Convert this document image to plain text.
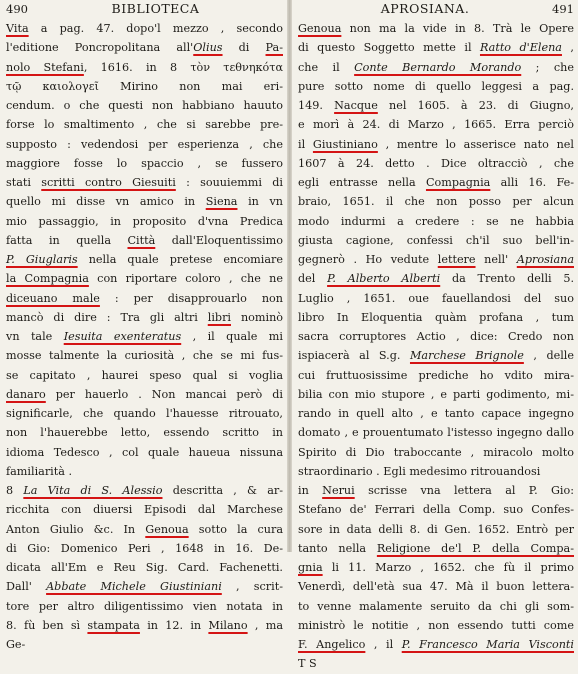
490	BIBLIOTECA
Vita a pag. 47. dopo'l mezzo , secondo
l'editione Poncropolitana all'Olius di Pa-
nolo Stefani, 1616. in 8 τὸν τεθνηκότα
τῷ καιολογεῖ Mirino non mai eri-
cendum. o che questi non habbiano hauuto
forse lo smaltimento , che si sarebbe pre-
supposto : vedendosi per esperienza , che
maggiore fosse lo spaccio , se fussero
stati scritti contro Giesuiti : souuiemmi di
quello mi disse vn amico in Siena in vn
mio passaggio, in proposito d'vna Predica
fatta in quella Città dall'Eloquentissimo
P. Giuglaris nella quale pretese encomiare
la Compagnia con riportare coloro , che ne
diceuano male : per disapprouarlo non
mancò di dire : Tra gli altri libri nominò
vn tale Iesuita exenteratus , il quale mi
mosse talmente la curiosità , che se mi fus-
se capitato , haurei speso qual si voglia
danaro per hauerlo . Non mancai però di
significarle, che quando l'hauesse ritrouato,
non l'hauerebbe letto, essendo scritto in
idioma Tedesco , col quale haueua nissuna
familiarità .
8 La Vita di S. Alessio descritta , & ar-
ricchita con diuersi Episodi dal Marchese
Anton Giulio &c. In Genoua sotto la cura
di Gio: Domenico Peri , 1648 in 16. De-
dicata all'Em e Reu Sig. Card. Fachenetti.
Dall' Abbate Michele Giustiniani , scrit-
tore per altro diligentissimo vien notata in
8. fù ben sì stampata in 12. in Milano , ma
Ge-
APROSIANA.	491
Genoua non ma la vide in 8. Trà le Opere
di questo Soggetto mette il Ratto d'Elena ,
che il Conte Bernardo Morando ; che
pure sotto nome di quello leggesi a pag.
149. Nacque nel 1605. à 23. di Giugno,
e morì à 24. di Marzo , 1665. Erra perciò
il Giustiniano , mentre lo asserisce nato nel
1607 à 24. detto . Dice oltracciò , che
egli entrasse nella Compagnia alli 16. Fe-
braio, 1651. il che non posso per alcun
modo indurmi a credere : se ne habbia
giusta cagione, confessi ch'il suo bell'in-
gegnerò . Ho vedute lettere nell' Aprosiana
del P. Alberto Alberti da Trento delli 5.
Luglio , 1651. oue fauellandosi del suo
libro In Eloquentia quàm profana , tum
sacra corruptores Actio , dice: Credo non
ispiacerà al S.g. Marchese Brignole , delle
cui fruttuosissime prediche ho vdito mira-
bilia con mio stupore , e parti godimento, mi-
rando in quell alto , e tanto capace ingegno
domato , e prouentumato l'istesso ingegno dallo
Spirito di Dio traboccante , miracolo molto
straordinario . Egli medesimo ritrouandosi
in Nerui scrisse vna lettera al P. Gio:
Stefano de' Ferrari della Comp. suo Confes-
sore in data delli 8. di Gen. 1652. Entrò per
tanto nella Religione de'l P. della Compa-
gnia li 11. Marzo , 1652. che fù il primo
Venerdì, dell'età sua 47. Mà il buon lettera-
to venne malamente seruito da chi gli som-
ministrò le notitie , non essendo tutti come
F. Angelico , il P. Francesco Maria Visconti
T S
